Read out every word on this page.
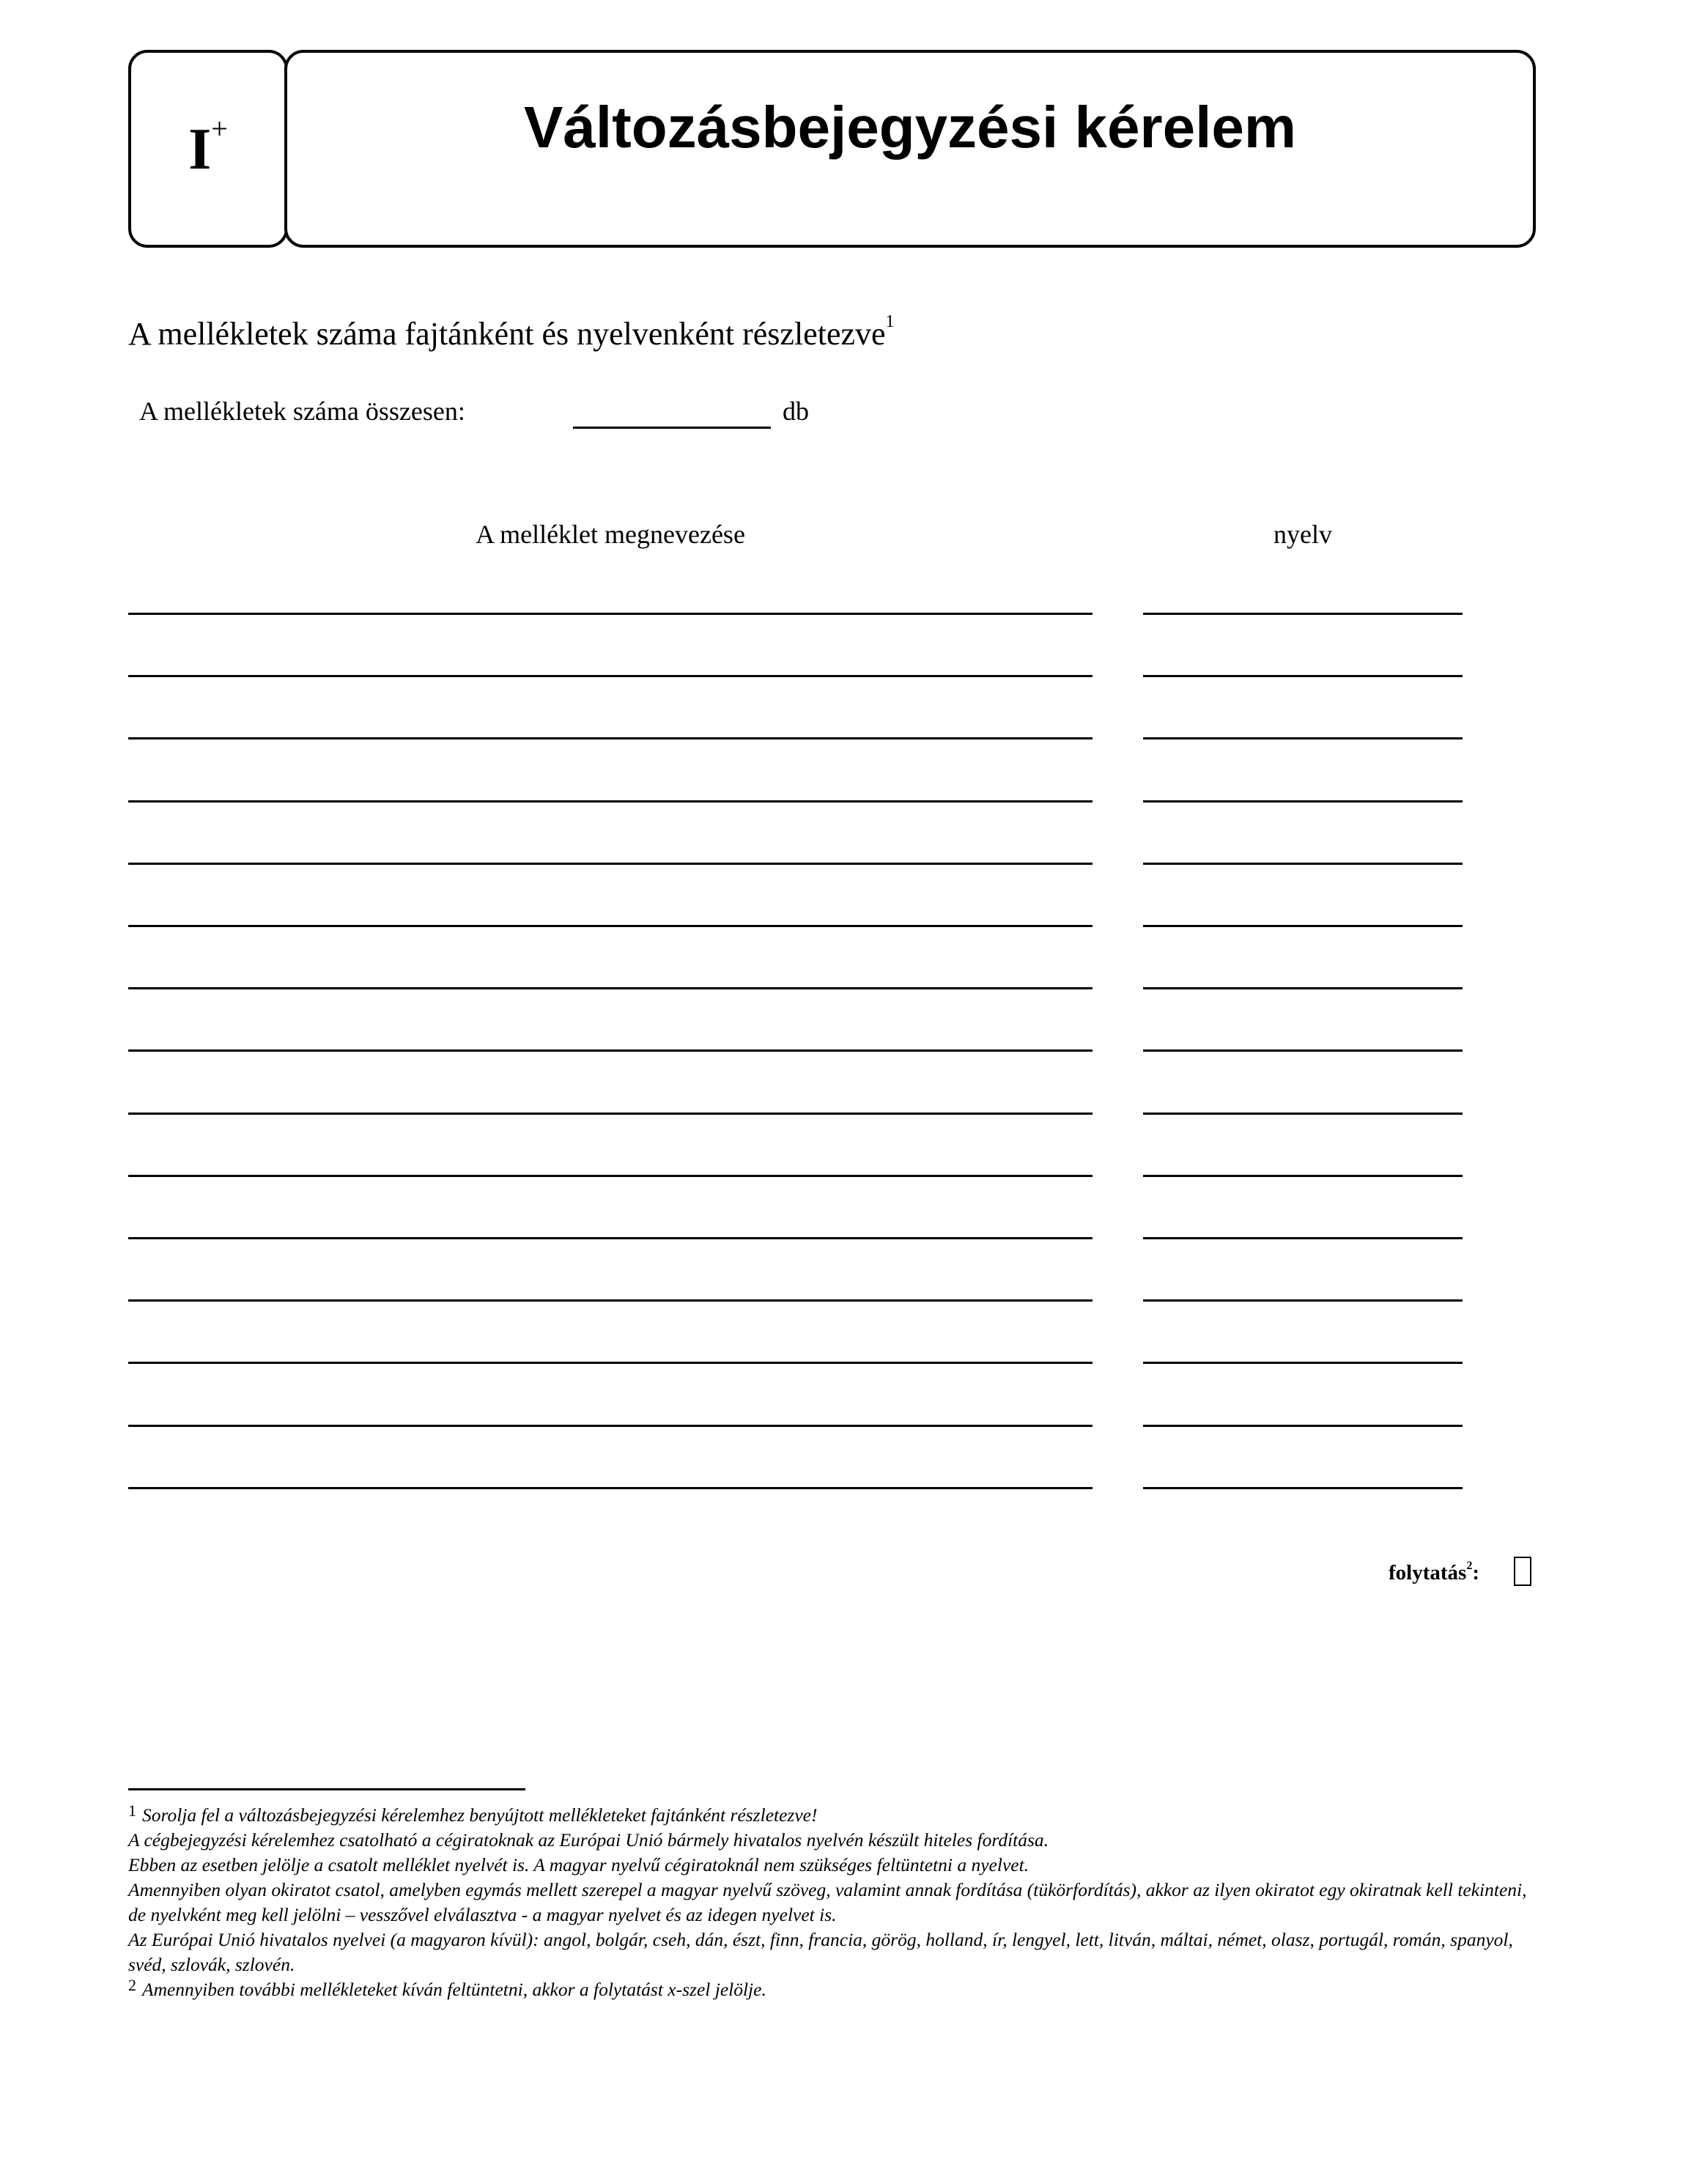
I+	Változásbejegyzési kérelem
A mellékletek száma fajtánként és nyelvenként részletezve$^1$
A mellékletek száma összesen:	db
A melléklet megnevezése	nyelv
folytatás$^2$:

1 Sorolja fel a változásbejegyzési kérelemhez benyújtott mellékleteket fajtánként részletezve!

A cégbejegyzési kérelemhez csatolható a cégiratoknak az Európai Unió bármely hivatalos nyelvén készült hiteles fordítása.

Ebben az esetben jelölje a csatolt melléklet nyelvét is. A magyar nyelvű cégiratoknál nem szükséges feltüntetni a nyelvet.

Amennyiben olyan okiratot csatol, amelyben egymás mellett szerepel a magyar nyelvű szöveg, valamint annak fordítása (tükörfordítás), akkor az ilyen okiratot egy okiratnak kell tekinteni, de nyelvként meg kell jelölni – vesszővel elválasztva - a magyar nyelvet és az idegen nyelvet is.

Az Európai Unió hivatalos nyelvei (a magyaron kívül): angol, bolgár, cseh, dán, észt, finn, francia, görög, holland, ír, lengyel, lett, litván, máltai, német, olasz, portugál, román, spanyol, svéd, szlovák, szlovén.

2 Amennyiben további mellékleteket kíván feltüntetni, akkor a folytatást x-szel jelölje.
